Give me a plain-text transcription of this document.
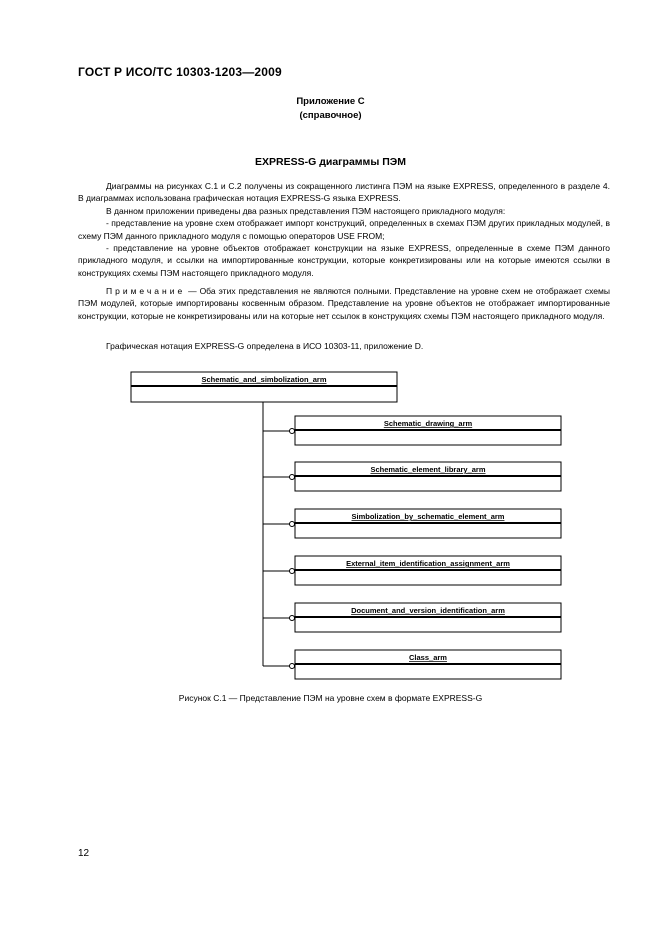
ГОСТ Р ИСО/ТС 10303-1203—2009
Приложение С
(справочное)
EXPRESS-G диаграммы ПЭМ

Диаграммы на рисунках С.1 и С.2 получены из сокращенного листинга ПЭМ на языке EXPRESS, определенного в разделе 4. В диаграммах использована графическая нотация EXPRESS-G языка EXPRESS.

В данном приложении приведены два разных представления ПЭМ настоящего прикладного модуля:

- представление на уровне схем отображает импорт конструкций, определенных в схемах ПЭМ других прикладных модулей, в схему ПЭМ данного прикладного модуля с помощью операторов USE FROM;

- представление на уровне объектов отображает конструкции на языке EXPRESS, определенные в схеме ПЭМ данного прикладного модуля, и ссылки на импортированные конструкции, которые конкретизированы или на которые имеются ссылки в конструкциях схемы ПЭМ настоящего прикладного модуля.

Примечание — Оба этих представления не являются полными. Представление на уровне схем не отображает схемы ПЭМ модулей, которые импортированы косвенным образом. Представление на уровне объектов не отображает импортированные конструкции, которые не конкретизированы или на которые нет ссылок в конструкциях схемы ПЭМ настоящего прикладного модуля.

Графическая нотация EXPRESS-G определена в ИСО 10303-11, приложение D.

Schematic_and_simbolization_arm
Schematic_drawing_arm
Schematic_element_library_arm
Simbolization_by_schematic_element_arm
External_item_identification_assignment_arm
Document_and_version_identification_arm
Class_arm
Рисунок С.1 — Представление ПЭМ на уровне схем в формате EXPRESS-G
12
